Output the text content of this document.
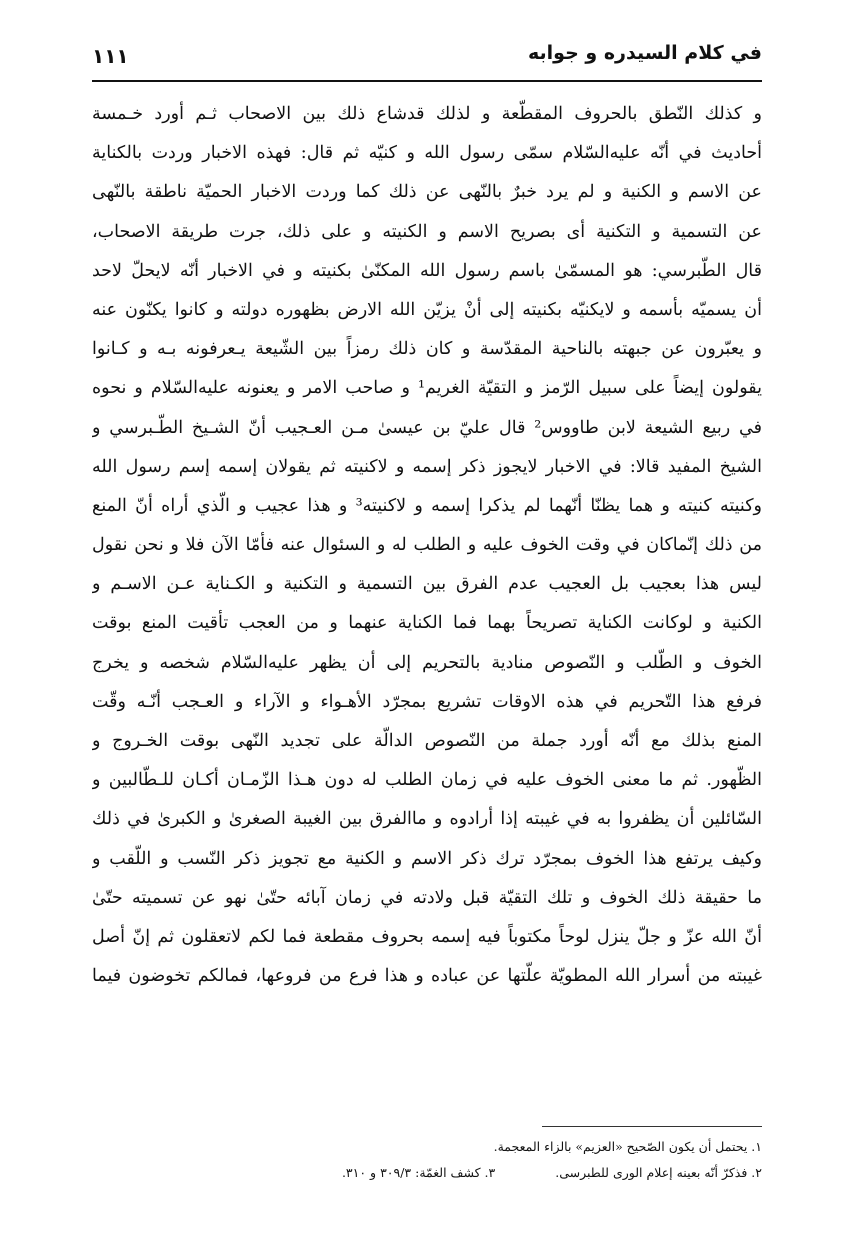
في كلام السيدره و جوابه
١١١
و كذلك النّطق بالحروف المقطّعة و لذلك قدشاع ذلك بين الاصحاب ثـم أورد خـمسة
أحاديث في أنّه عليه‌السّلام سمّى رسول الله و كنيّه ثم قال: فهذه الاخبار وردت بالكناية
عن الاسم و الكنية و لم يرد خبرٌ بالنّهى عن ذلك كما وردت الاخبار الحميّة ناطقة بالنّهى
عن التسمية و التكنية أى بصريح الاسم و الكنيته و على ذلك، جرت طريقة الاصحاب،
قال الطّبرسي: هو المسمّىٰ باسم رسول الله المكنّىٰ بكنيته و في الاخبار أنّه لايحلّ لاحد
أن يسميّه بأسمه و لايكنيّه بكنيته إلى أنْ يزيّن الله الارض بظهوره دولته و كانوا يكنّون عنه
و يعبّرون عن جبهته بالناحية المقدّسة و كان ذلك رمزاً بين الشّيعة يـعرفونه بـه و كـانوا
يقولون إيضاً على سبيل الرّمز و التقيّة الغريم¹ و صاحب الامر و يعنونه عليه‌السّلام و نحوه
في ربيع الشيعة لابن طاووس² قال عليّ بن عيسىٰ مـن العـجيب أنّ الشـيخ الطّـبرسي و
الشيخ المفيد قالا: في الاخبار لايجوز ذكر إسمه و لاكنيته ثم يقولان إسمه إسم رسول الله
وكنيته كنيته و هما يظنّا أنّهما لم يذكرا إسمه و لاكنيته³ و هذا عجيب و الّذي أراه أنّ المنع
من ذلك إنّماكان في وقت الخوف عليه و الطلب له و السئوال عنه فأمّا الآن فلا و نحن نقول
ليس هذا بعجيب بل العجيب عدم الفرق بين التسمية و التكنية و الكـناية عـن الاسـم و
الكنية و لوكانت الكناية تصريحاً بهما فما الكناية عنهما و من العجب تأقيت المنع بوقت
الخوف و الطّلب و النّصوص منادية بالتحريم إلى أن يظهر عليه‌السّلام شخصه و يخرج
فرفع هذا التّحريم في هذه الاوقات تشريع بمجرّد الأهـواء و الآراء و العـجب أنّـه وقّت
المنع بذلك مع أنّه أورد جملة من النّصوص الدالّة على تجديد النّهى بوقت الخـروج و
الظّهور. ثم ما معنى الخوف عليه في زمان الطلب له دون هـذا الزّمـان أكـان للـطّالبين و
السّائلين أن يظفروا به في غيبته إذا أرادوه و ماالفرق بين الغيبة الصغرىٰ و الكبرىٰ في ذلك
وكيف يرتفع هذا الخوف بمجرّد ترك ذكر الاسم و الكنية مع تجويز ذكر النّسب و اللّقب و
ما حقيقة ذلك الخوف و تلك التقيّة قبل ولادته في زمان آبائه حتّىٰ نهو عن تسميته حتّىٰ
أنّ الله عزّ و جلّ ينزل لوحاً مكتوباً فيه إسمه بحروف مقطعة فما لكم لاتعقلون ثم إنّ أصل
غيبته من أسرار الله المطويّة علّتها عن عباده و هذا فرع من فروعها، فمالكم تخوضون فيما
١. يحتمل أن يكون الصّحيح «العزيم» بالزاء المعجمة.
٢. فذكرّ أنّه بعينه إعلام الورى للطبرسى.
٣. كشف الغمّة: ٣٠٩/٣ و ٣١٠.
